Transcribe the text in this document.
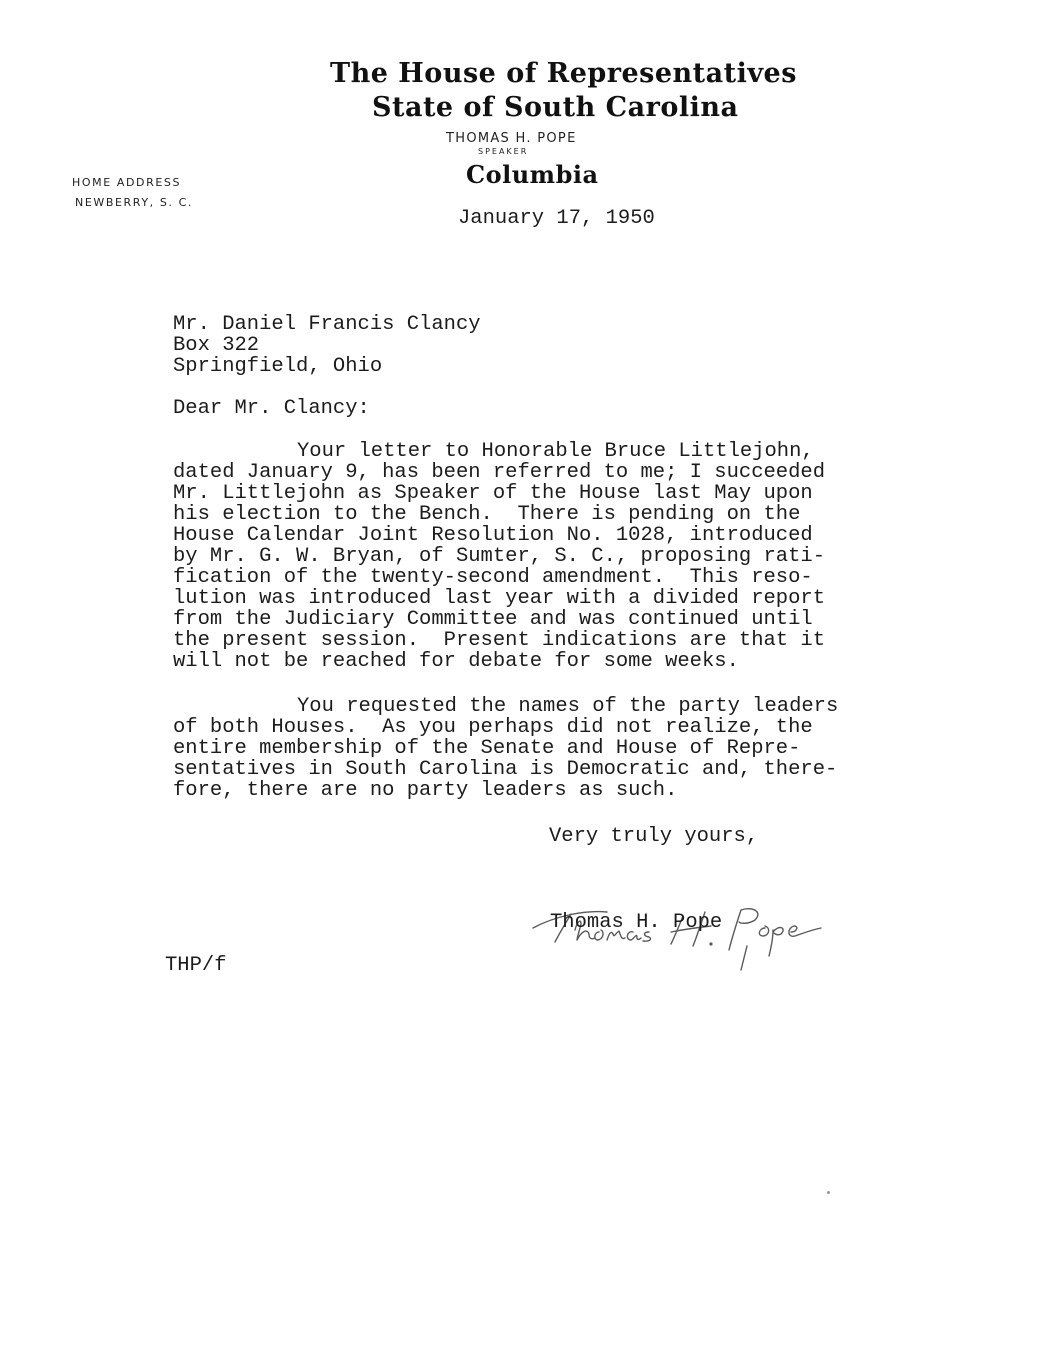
The House of Representatives
State of South Carolina
THOMAS H. POPE
SPEAKER
Columbia
HOME ADDRESS
NEWBERRY, S. C.
January 17, 1950
Mr. Daniel Francis Clancy
Box 322
Springfield, Ohio
Dear Mr. Clancy:
Your letter to Honorable Bruce Littlejohn,
dated January 9, has been referred to me; I succeeded
Mr. Littlejohn as Speaker of the House last May upon
his election to the Bench.  There is pending on the
House Calendar Joint Resolution No. 1028, introduced
by Mr. G. W. Bryan, of Sumter, S. C., proposing rati-
fication of the twenty-second amendment.  This reso-
lution was introduced last year with a divided report
from the Judiciary Committee and was continued until
the present session.  Present indications are that it
will not be reached for debate for some weeks.
You requested the names of the party leaders
of both Houses.  As you perhaps did not realize, the
entire membership of the Senate and House of Repre-
sentatives in South Carolina is Democratic and, there-
fore, there are no party leaders as such.
Very truly yours,

Thomas H. Pope
THP/f
